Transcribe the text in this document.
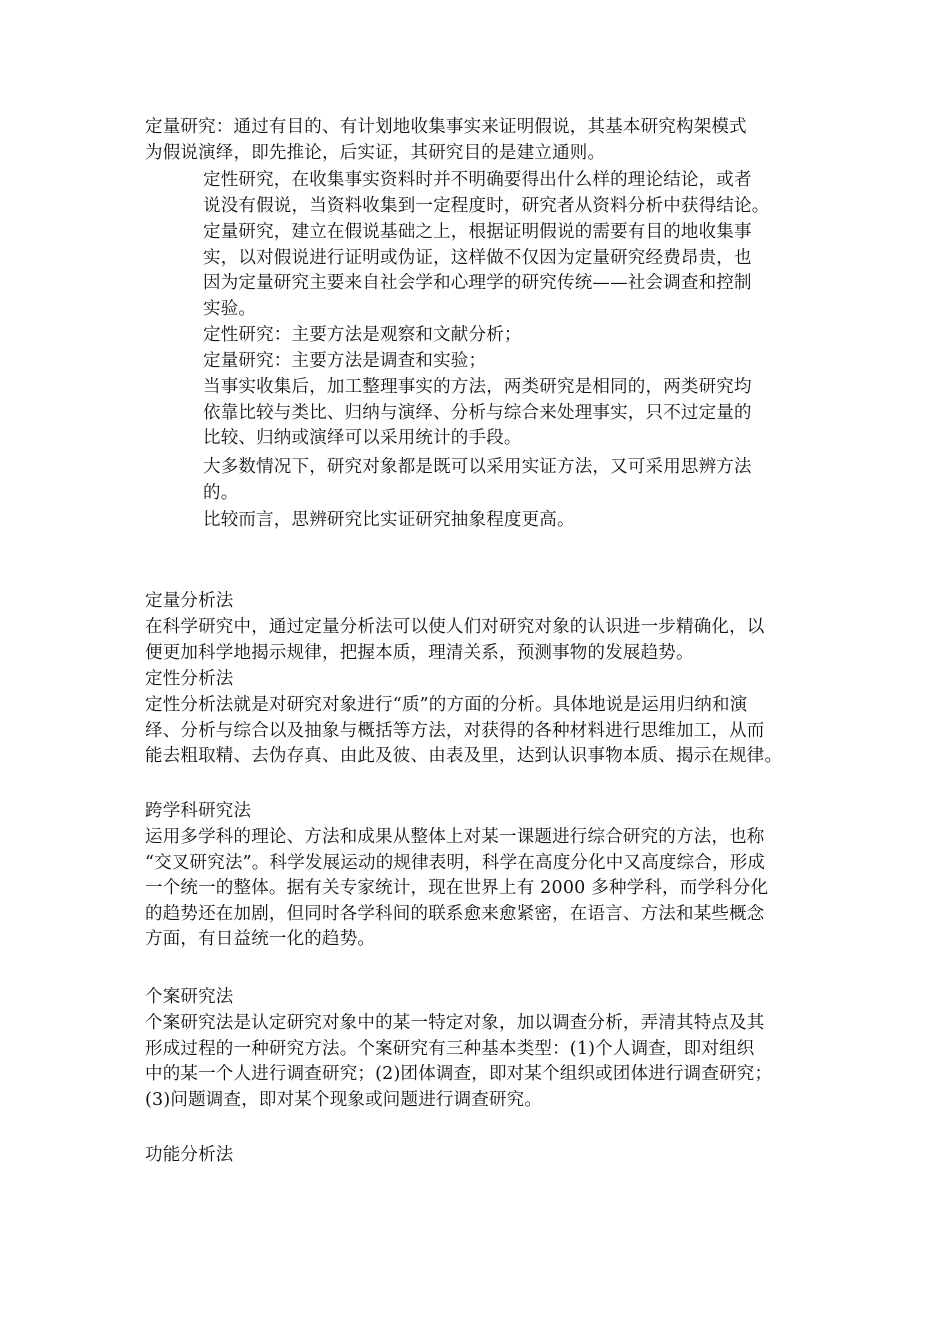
定量研究：通过有目的、有计划地收集事实来证明假说，其基本研究构架模式
为假说演绎，即先推论，后实证，其研究目的是建立通则。

定性研究，在收集事实资料时并不明确要得出什么样的理论结论，或者
说没有假说，当资料收集到一定程度时，研究者从资料分析中获得结论。

定量研究，建立在假说基础之上，根据证明假说的需要有目的地收集事
实，以对假说进行证明或伪证，这样做不仅因为定量研究经费昂贵，也
因为定量研究主要来自社会学和心理学的研究传统——社会调查和控制
实验。

定性研究：主要方法是观察和文献分析；

定量研究：主要方法是调查和实验；

当事实收集后，加工整理事实的方法，两类研究是相同的，两类研究均
依靠比较与类比、归纳与演绎、分析与综合来处理事实，只不过定量的
比较、归纳或演绎可以采用统计的手段。

大多数情况下，研究对象都是既可以采用实证方法，又可采用思辨方法
的。

比较而言，思辨研究比实证研究抽象程度更高。

定量分析法

在科学研究中，通过定量分析法可以使人们对研究对象的认识进一步精确化，以
便更加科学地揭示规律，把握本质，理清关系，预测事物的发展趋势。

定性分析法

定性分析法就是对研究对象进行“质”的方面的分析。具体地说是运用归纳和演
绎、分析与综合以及抽象与概括等方法，对获得的各种材料进行思维加工，从而
能去粗取精、去伪存真、由此及彼、由表及里，达到认识事物本质、揭示在规律。

跨学科研究法

运用多学科的理论、方法和成果从整体上对某一课题进行综合研究的方法，也称
“交叉研究法”。科学发展运动的规律表明，科学在高度分化中又高度综合，形成
一个统一的整体。据有关专家统计，现在世界上有 2000 多种学科，而学科分化
的趋势还在加剧，但同时各学科间的联系愈来愈紧密，在语言、方法和某些概念
方面，有日益统一化的趋势。

个案研究法

个案研究法是认定研究对象中的某一特定对象，加以调查分析，弄清其特点及其
形成过程的一种研究方法。个案研究有三种基本类型：(1)个人调查，即对组织
中的某一个人进行调查研究；(2)团体调查，即对某个组织或团体进行调查研究；
(3)问题调查，即对某个现象或问题进行调查研究。

功能分析法
